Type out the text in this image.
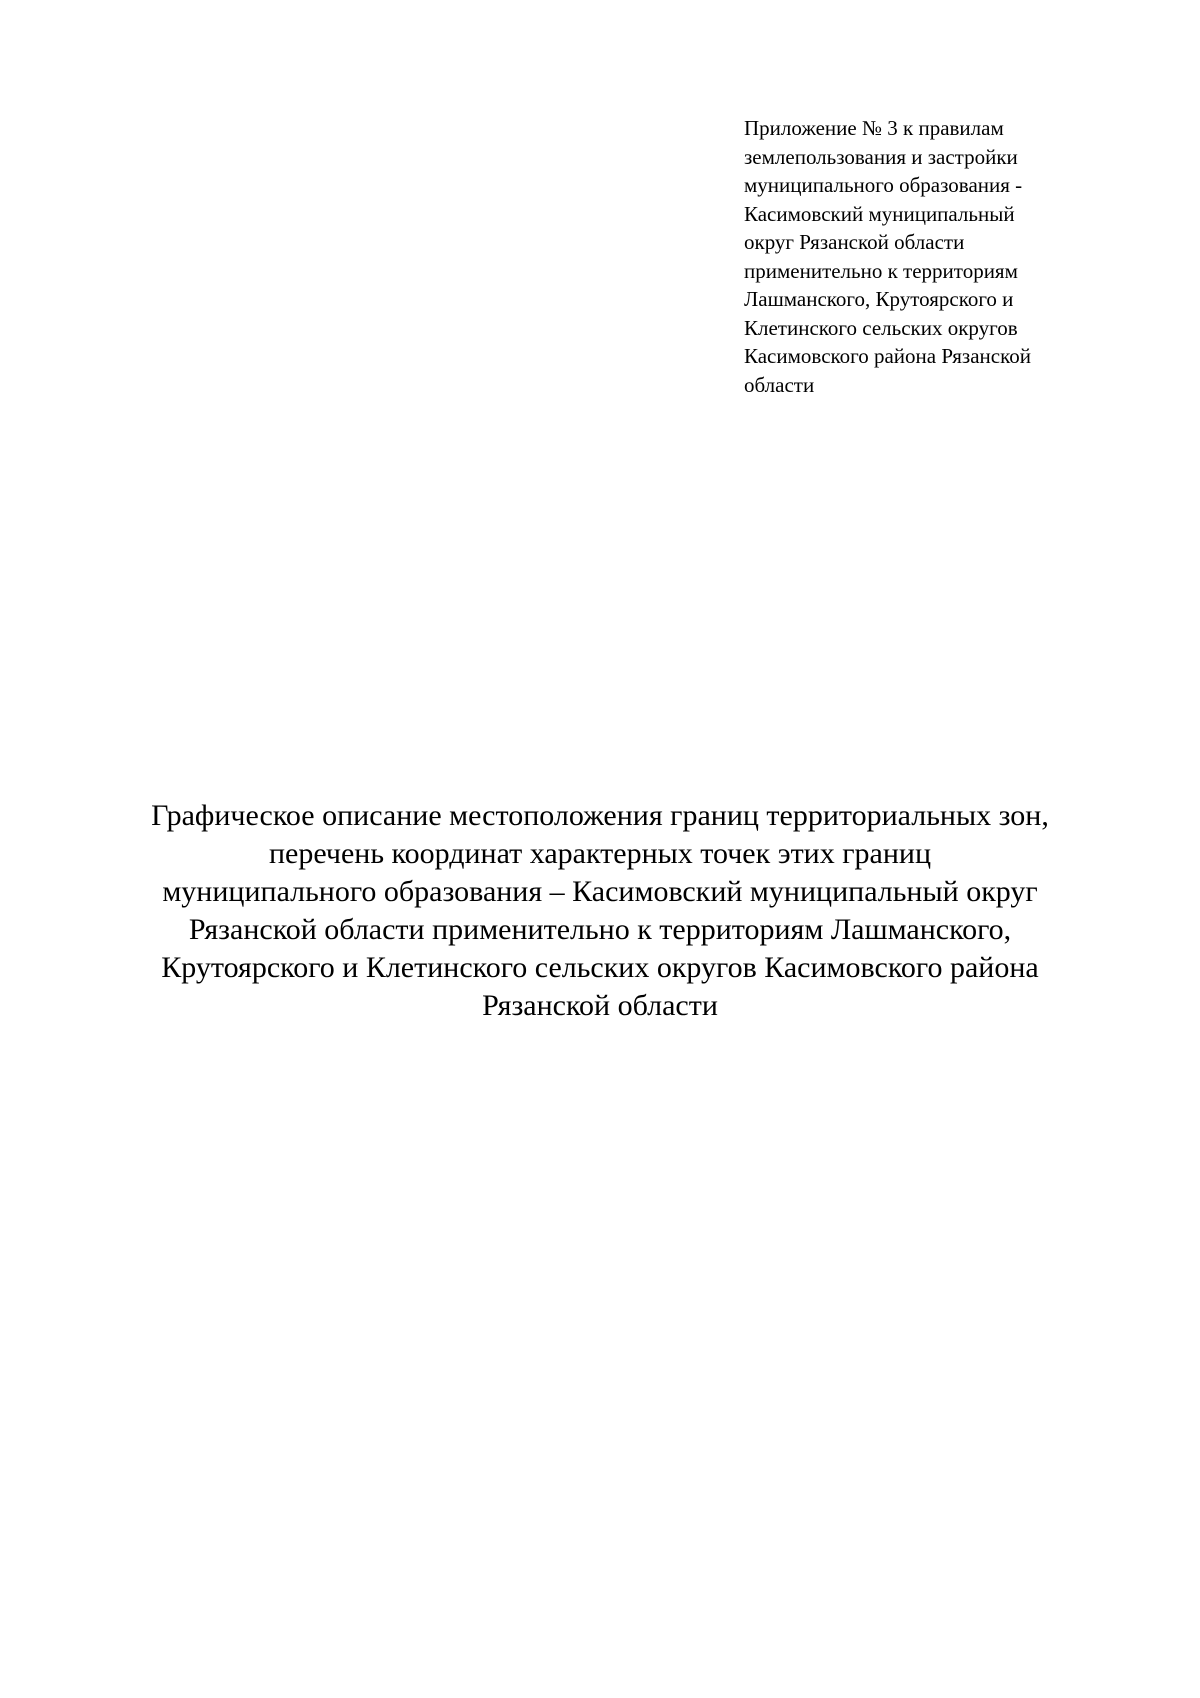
Приложение № 3 к правилам
землепользования и застройки
муниципального образования -
Касимовский муниципальный
округ Рязанской области
применительно к территориям
Лашманского, Крутоярского и
Клетинского сельских округов
Касимовского района Рязанской
области
Графическое описание местоположения границ территориальных зон,
перечень координат характерных точек этих границ
муниципального образования – Касимовский муниципальный округ
Рязанской области применительно к территориям Лашманского,
Крутоярского и Клетинского сельских округов Касимовского района
Рязанской области
